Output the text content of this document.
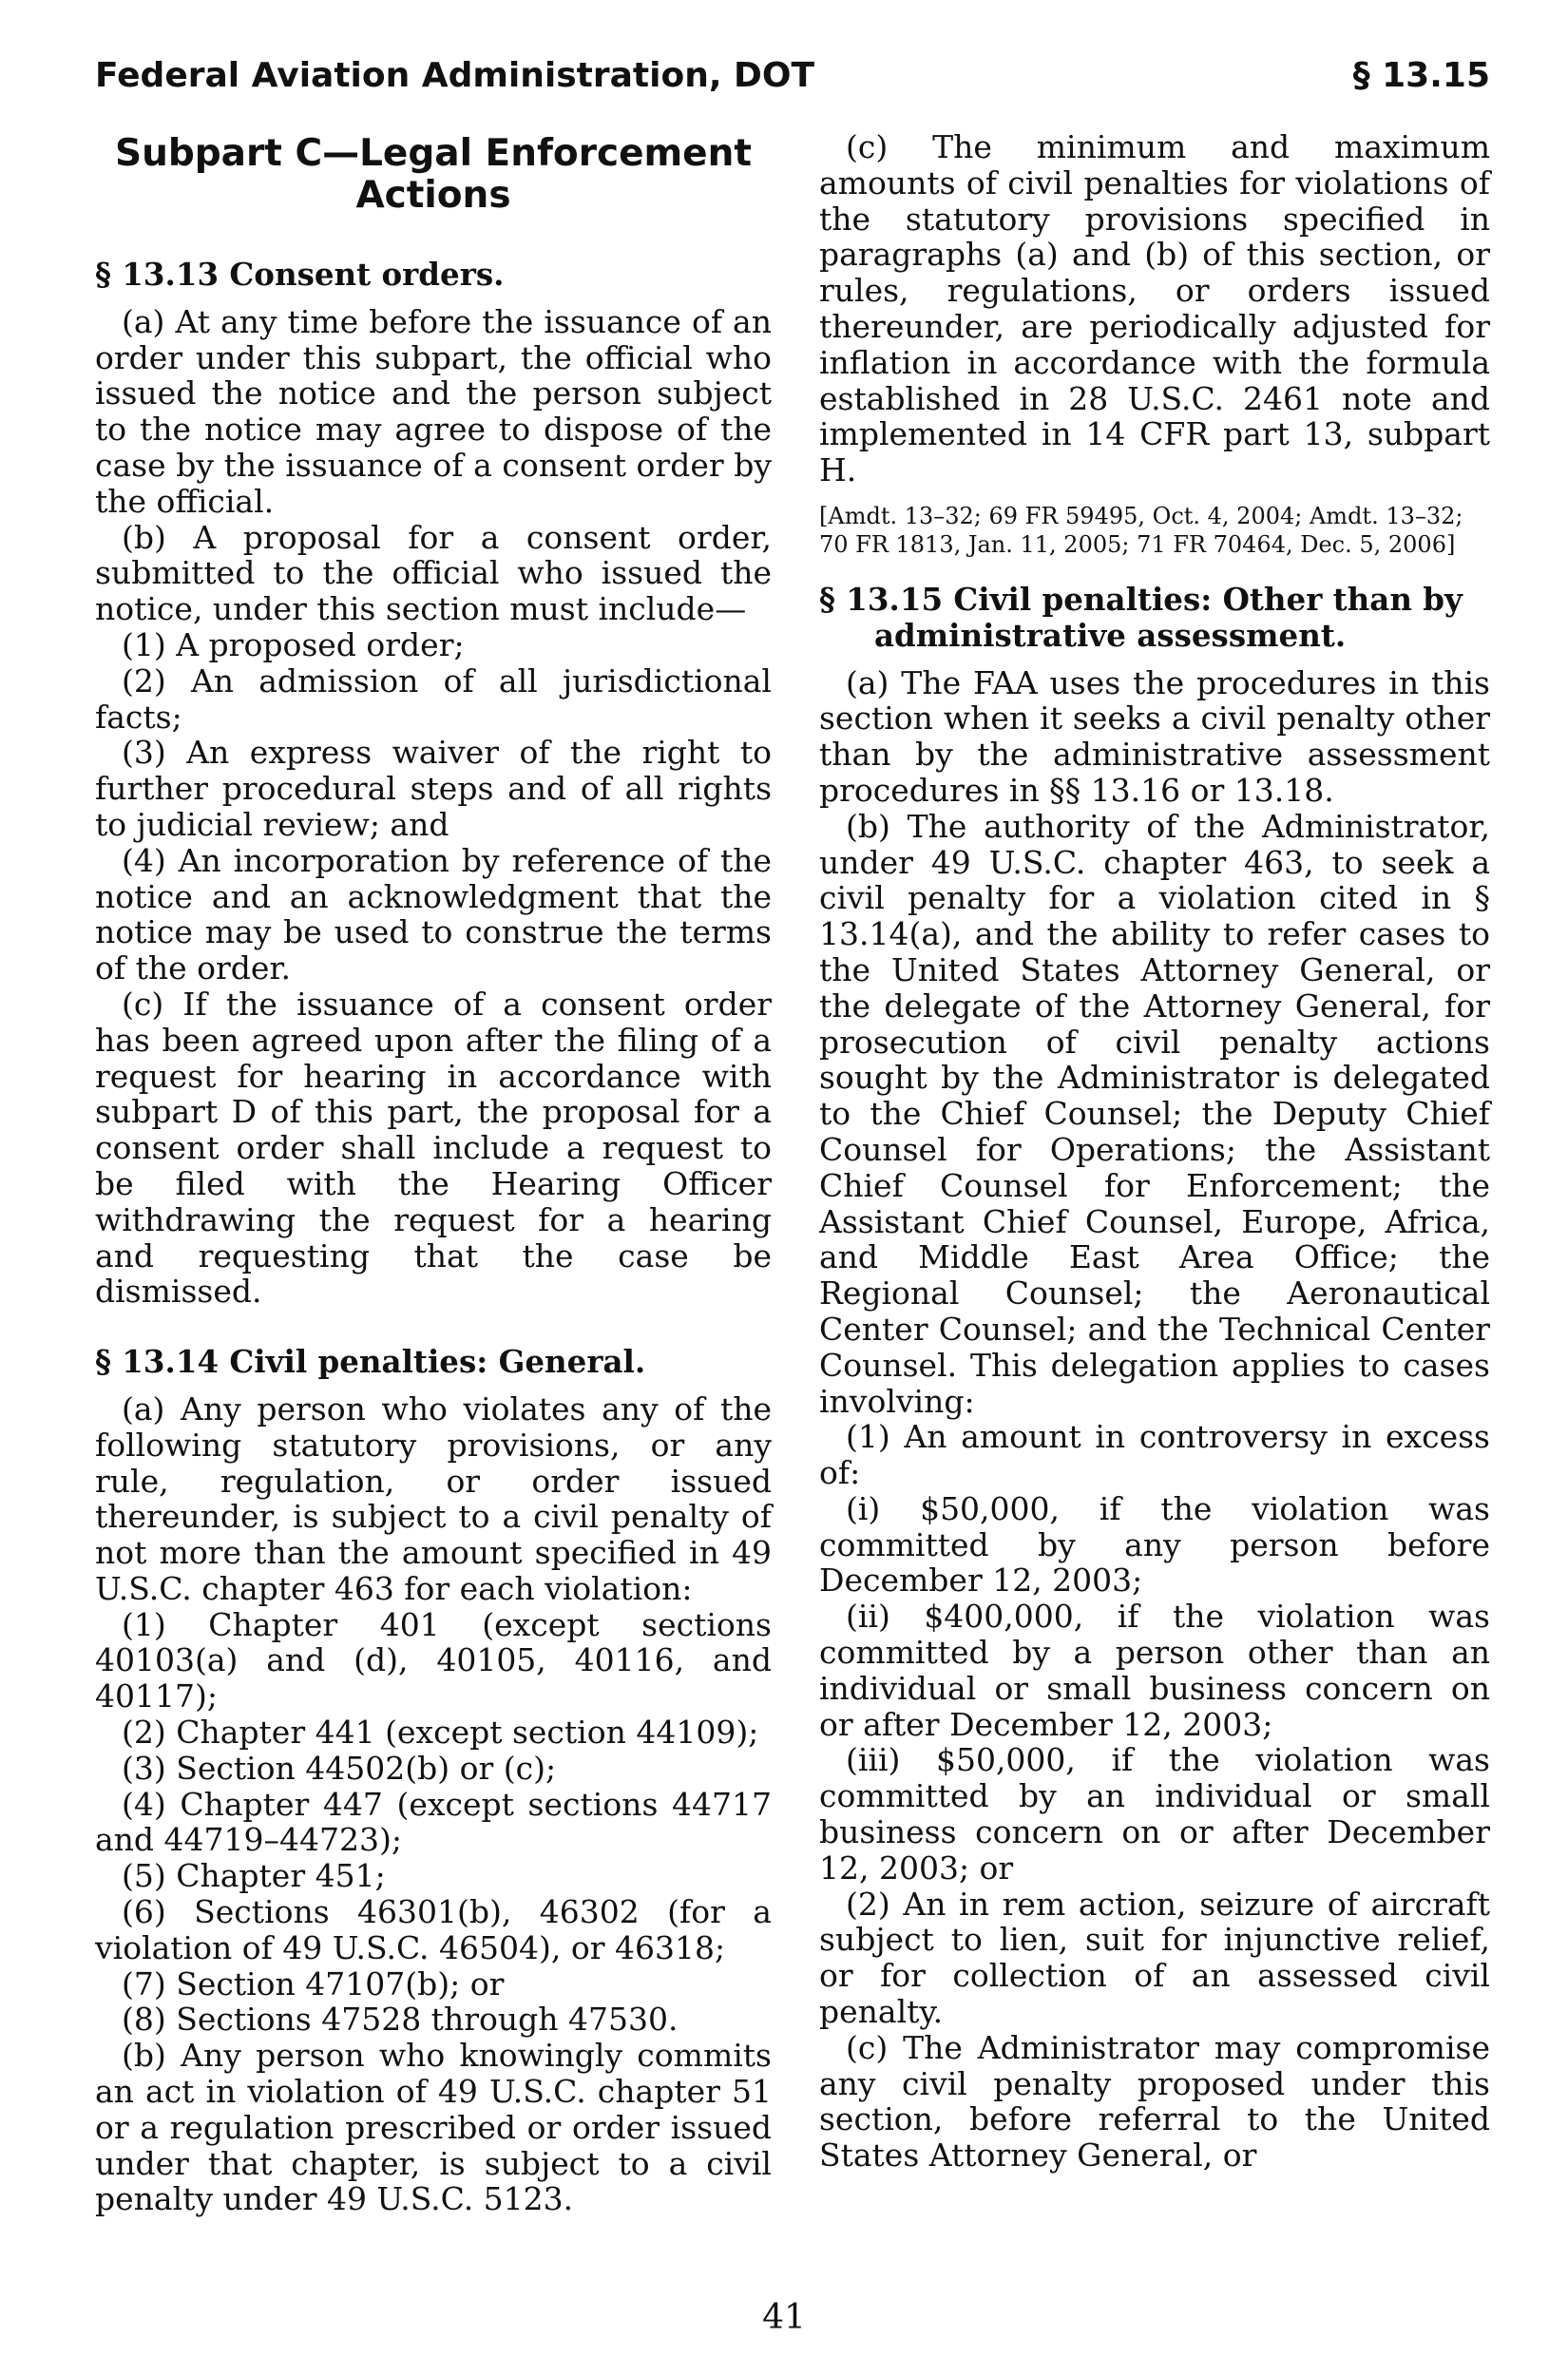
Federal Aviation Administration, DOT	§ 13.15
Subpart C—Legal Enforcement Actions
§ 13.13 Consent orders.

(a) At any time before the issuance of an order under this subpart, the official who issued the notice and the person subject to the notice may agree to dispose of the case by the issuance of a consent order by the official.

(b) A proposal for a consent order, submitted to the official who issued the notice, under this section must include—

(1) A proposed order;

(2) An admission of all jurisdictional facts;

(3) An express waiver of the right to further procedural steps and of all rights to judicial review; and

(4) An incorporation by reference of the notice and an acknowledgment that the notice may be used to construe the terms of the order.

(c) If the issuance of a consent order has been agreed upon after the filing of a request for hearing in accordance with subpart D of this part, the proposal for a consent order shall include a request to be filed with the Hearing Officer withdrawing the request for a hearing and requesting that the case be dismissed.

§ 13.14 Civil penalties: General.

(a) Any person who violates any of the following statutory provisions, or any rule, regulation, or order issued thereunder, is subject to a civil penalty of not more than the amount specified in 49 U.S.C. chapter 463 for each violation:

(1) Chapter 401 (except sections 40103(a) and (d), 40105, 40116, and 40117);

(2) Chapter 441 (except section 44109);

(3) Section 44502(b) or (c);

(4) Chapter 447 (except sections 44717 and 44719–44723);

(5) Chapter 451;

(6) Sections 46301(b), 46302 (for a violation of 49 U.S.C. 46504), or 46318;

(7) Section 47107(b); or

(8) Sections 47528 through 47530.

(b) Any person who knowingly commits an act in violation of 49 U.S.C. chapter 51 or a regulation prescribed or order issued under that chapter, is subject to a civil penalty under 49 U.S.C. 5123.

(c) The minimum and maximum amounts of civil penalties for violations of the statutory provisions specified in paragraphs (a) and (b) of this section, or rules, regulations, or orders issued thereunder, are periodically adjusted for inflation in accordance with the formula established in 28 U.S.C. 2461 note and implemented in 14 CFR part 13, subpart H.

[Amdt. 13–32; 69 FR 59495, Oct. 4, 2004; Amdt. 13–32; 70 FR 1813, Jan. 11, 2005; 71 FR 70464, Dec. 5, 2006]

§ 13.15 Civil penalties: Other than by administrative assessment.

(a) The FAA uses the procedures in this section when it seeks a civil penalty other than by the administrative assessment procedures in §§ 13.16 or 13.18.

(b) The authority of the Administrator, under 49 U.S.C. chapter 463, to seek a civil penalty for a violation cited in § 13.14(a), and the ability to refer cases to the United States Attorney General, or the delegate of the Attorney General, for prosecution of civil penalty actions sought by the Administrator is delegated to the Chief Counsel; the Deputy Chief Counsel for Operations; the Assistant Chief Counsel for Enforcement; the Assistant Chief Counsel, Europe, Africa, and Middle East Area Office; the Regional Counsel; the Aeronautical Center Counsel; and the Technical Center Counsel. This delegation applies to cases involving:

(1) An amount in controversy in excess of:

(i) $50,000, if the violation was committed by any person before December 12, 2003;

(ii) $400,000, if the violation was committed by a person other than an individual or small business concern on or after December 12, 2003;

(iii) $50,000, if the violation was committed by an individual or small business concern on or after December 12, 2003; or

(2) An in rem action, seizure of aircraft subject to lien, suit for injunctive relief, or for collection of an assessed civil penalty.

(c) The Administrator may compromise any civil penalty proposed under this section, before referral to the United States Attorney General, or

41
